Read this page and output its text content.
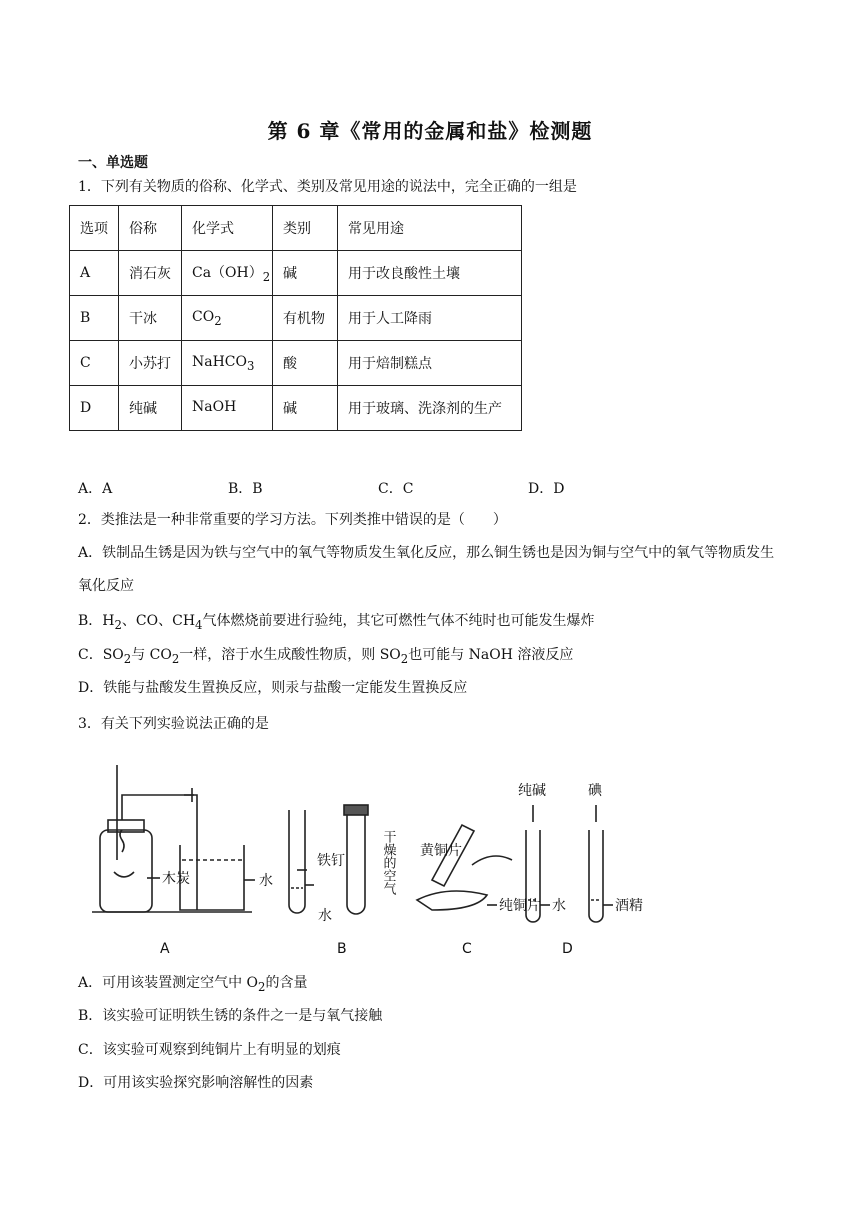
第 6 章《常用的金属和盐》检测题
一、单选题
1．下列有关物质的俗称、化学式、类别及常见用途的说法中，完全正确的一组是
选项	俗称	化学式	类别	常见用途
A	消石灰	$Ca(OH)_2$	碱	用于改良酸性土壤
B	干冰	$CO_2$	有机物	用于人工降雨
C	小苏打	NaHCO$_3$	酸	用于焙制糕点
D	纯碱	NaOH	碱	用于玻璃、洗涤剂的生产
A．A	B．B	C．C	D．D
2．类推法是一种非常重要的学习方法。下列类推中错误的是（　　）
A．铁制品生锈是因为铁与空气中的氧气等物质发生氧化反应，那么铜生锈也是因为铜与空气中的氧气等物质发生氧化反应
B．$H_2$、CO、$CH_4$气体燃烧前要进行验纯，其它可燃性气体不纯时也可能发生爆炸
C．$SO_2$与 $CO_2$一样，溶于水生成酸性物质，则 $SO_2$也可能与 NaOH 溶液反应
D．铁能与盐酸发生置换反应，则汞与盐酸一定能发生置换反应
3．有关下列实验说法正确的是
木炭	水
铁钉
水
干燥的空气 黄铜片
纯铜片
纯碱	碘
水	酒精
A	B	C	D
A．可用该装置测定空气中 $O_2$的含量
B．该实验可证明铁生锈的条件之一是与氧气接触
C．该实验可观察到纯铜片上有明显的划痕
D．可用该实验探究影响溶解性的因素
